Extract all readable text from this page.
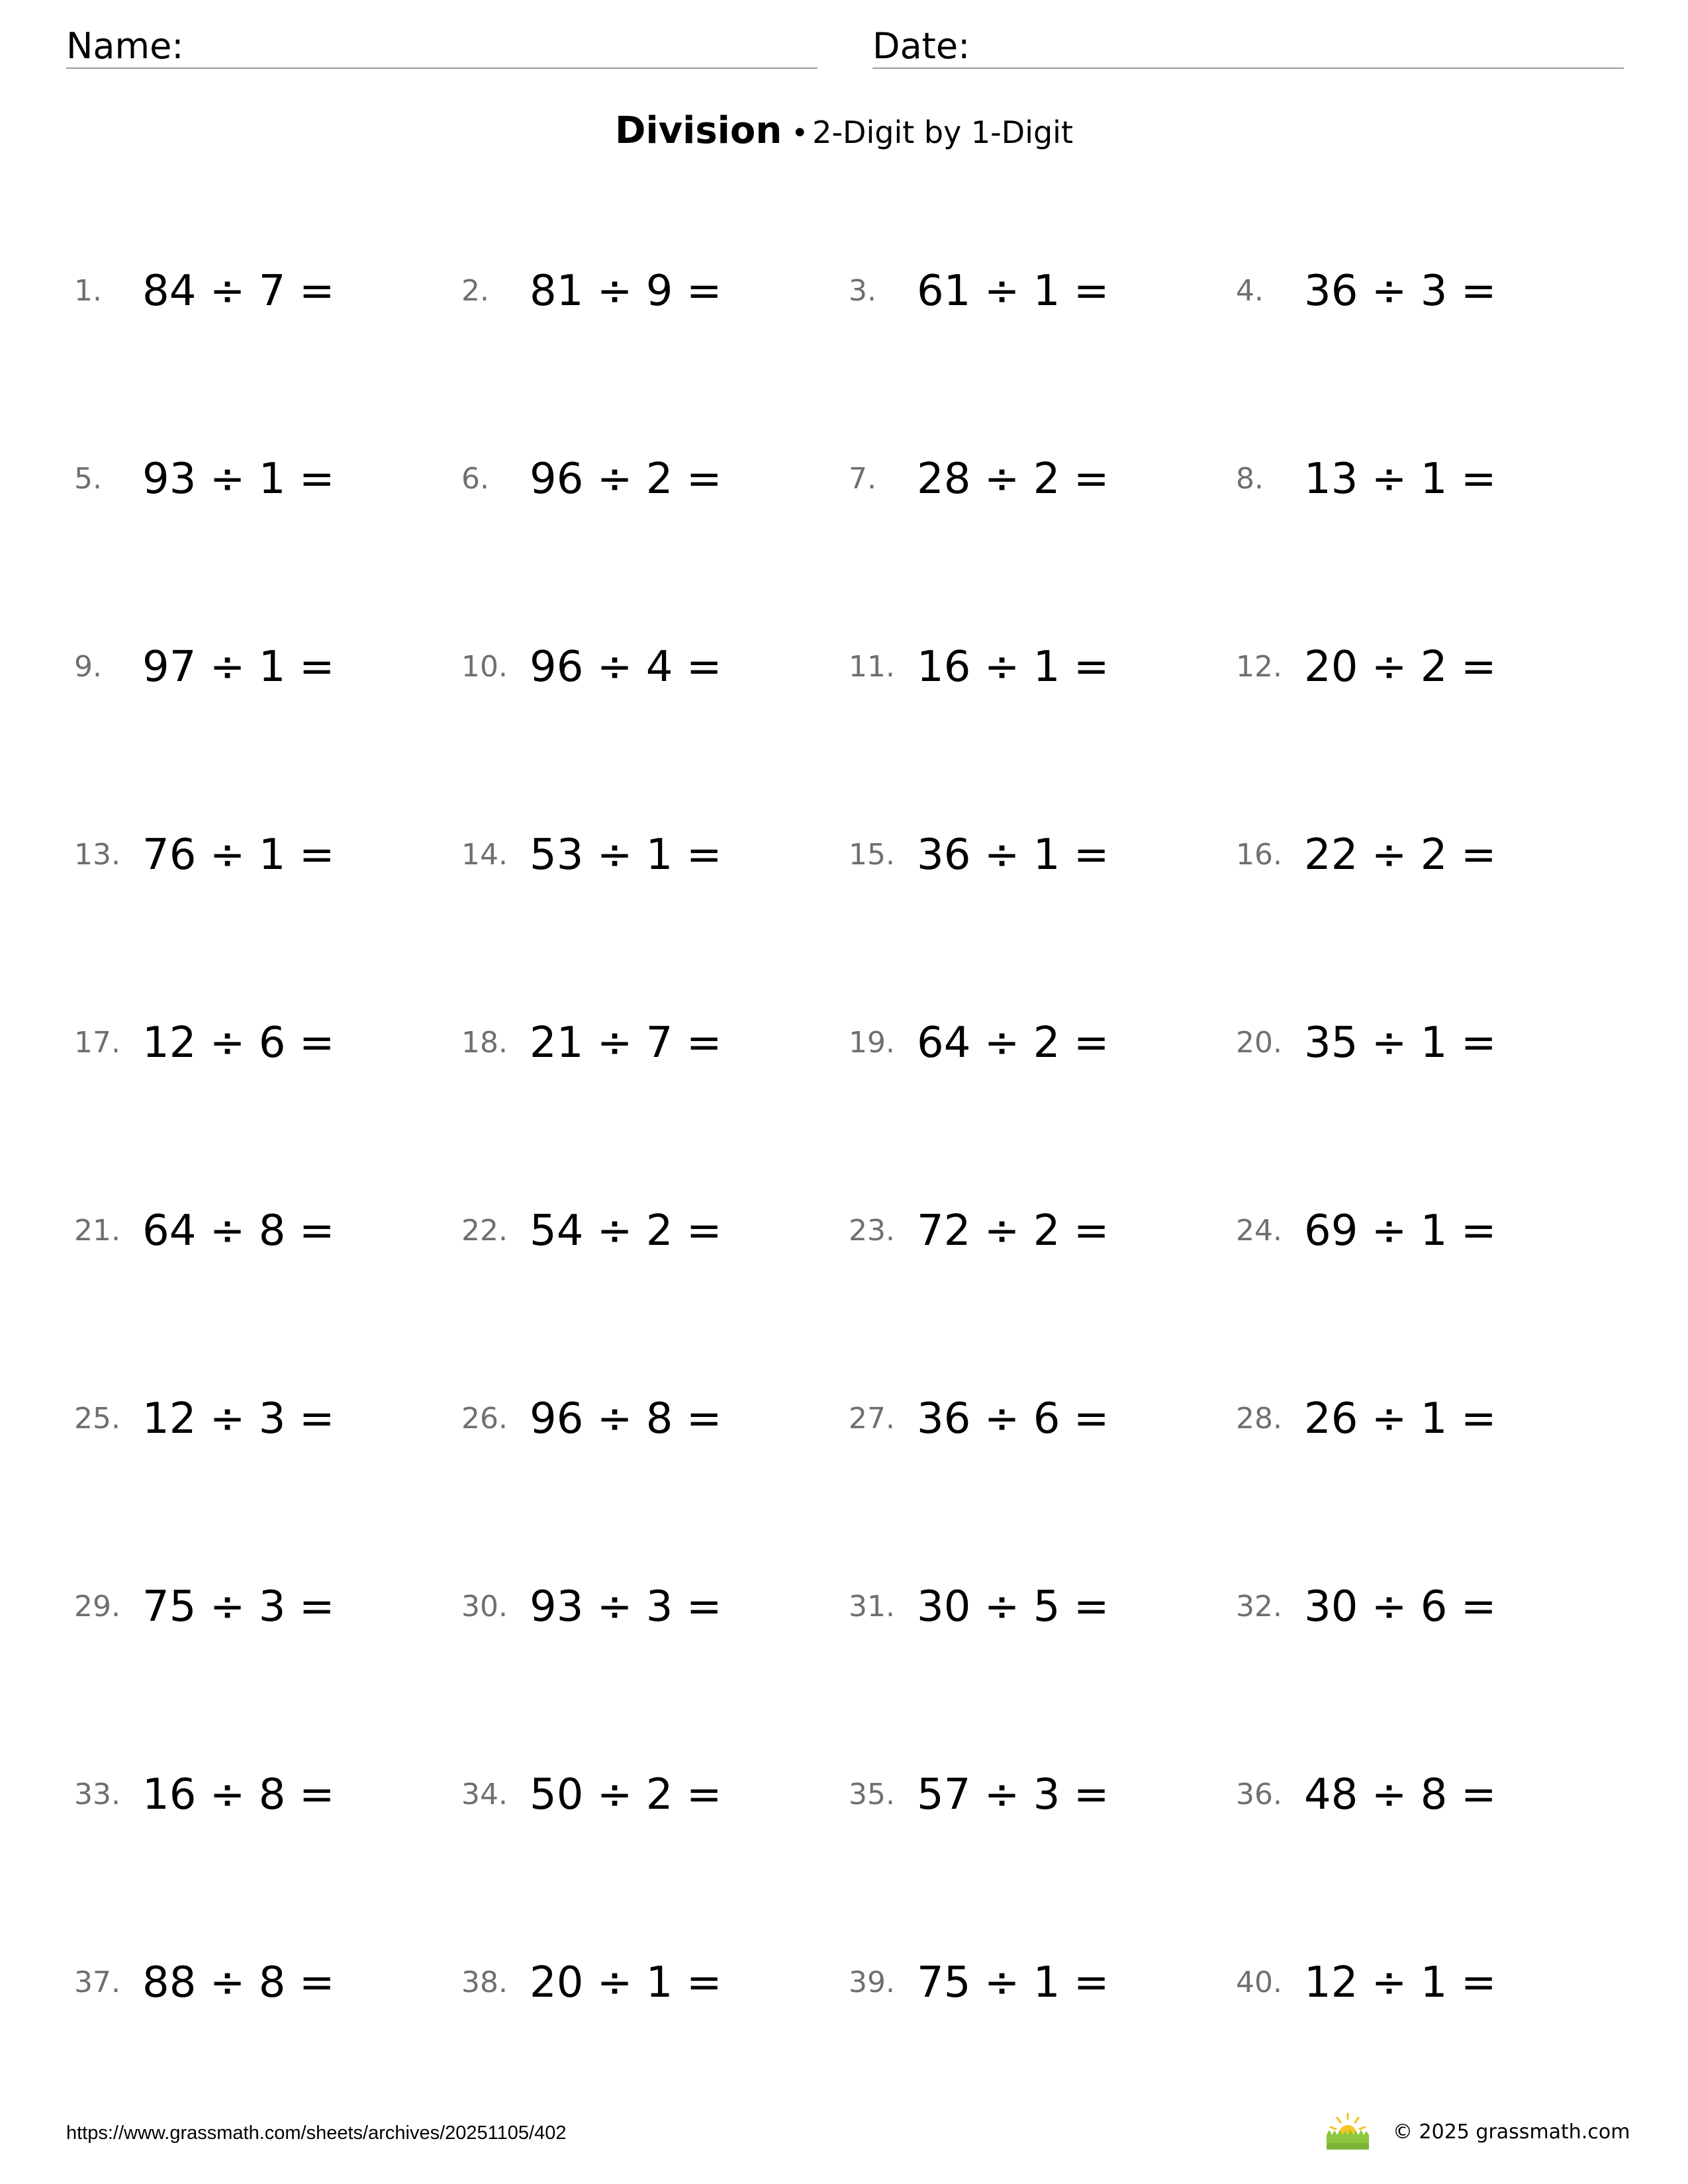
Name:	Date:
Division • 2-Digit by 1-Digit
1. 84 ÷ 7 =	2. 81 ÷ 9 =	3. 61 ÷ 1 =	4. 36 ÷ 3 =
5. 93 ÷ 1 =	6. 96 ÷ 2 =	7. 28 ÷ 2 =	8. 13 ÷ 1 =
9. 97 ÷ 1 =	10. 96 ÷ 4 =	11. 16 ÷ 1 =	12. 20 ÷ 2 =
13. 76 ÷ 1 =	14. 53 ÷ 1 =	15. 36 ÷ 1 =	16. 22 ÷ 2 =
17. 12 ÷ 6 =	18. 21 ÷ 7 =	19. 64 ÷ 2 =	20. 35 ÷ 1 =
21. 64 ÷ 8 =	22. 54 ÷ 2 =	23. 72 ÷ 2 =	24. 69 ÷ 1 =
25. 12 ÷ 3 =	26. 96 ÷ 8 =	27. 36 ÷ 6 =	28. 26 ÷ 1 =
29. 75 ÷ 3 =	30. 93 ÷ 3 =	31. 30 ÷ 5 =	32. 30 ÷ 6 =
33. 16 ÷ 8 =	34. 50 ÷ 2 =	35. 57 ÷ 3 =	36. 48 ÷ 8 =
37. 88 ÷ 8 =	38. 20 ÷ 1 =	39. 75 ÷ 1 =	40. 12 ÷ 1 =
https://www.grassmath.com/sheets/archives/20251105/402	© 2025 grassmath.com
